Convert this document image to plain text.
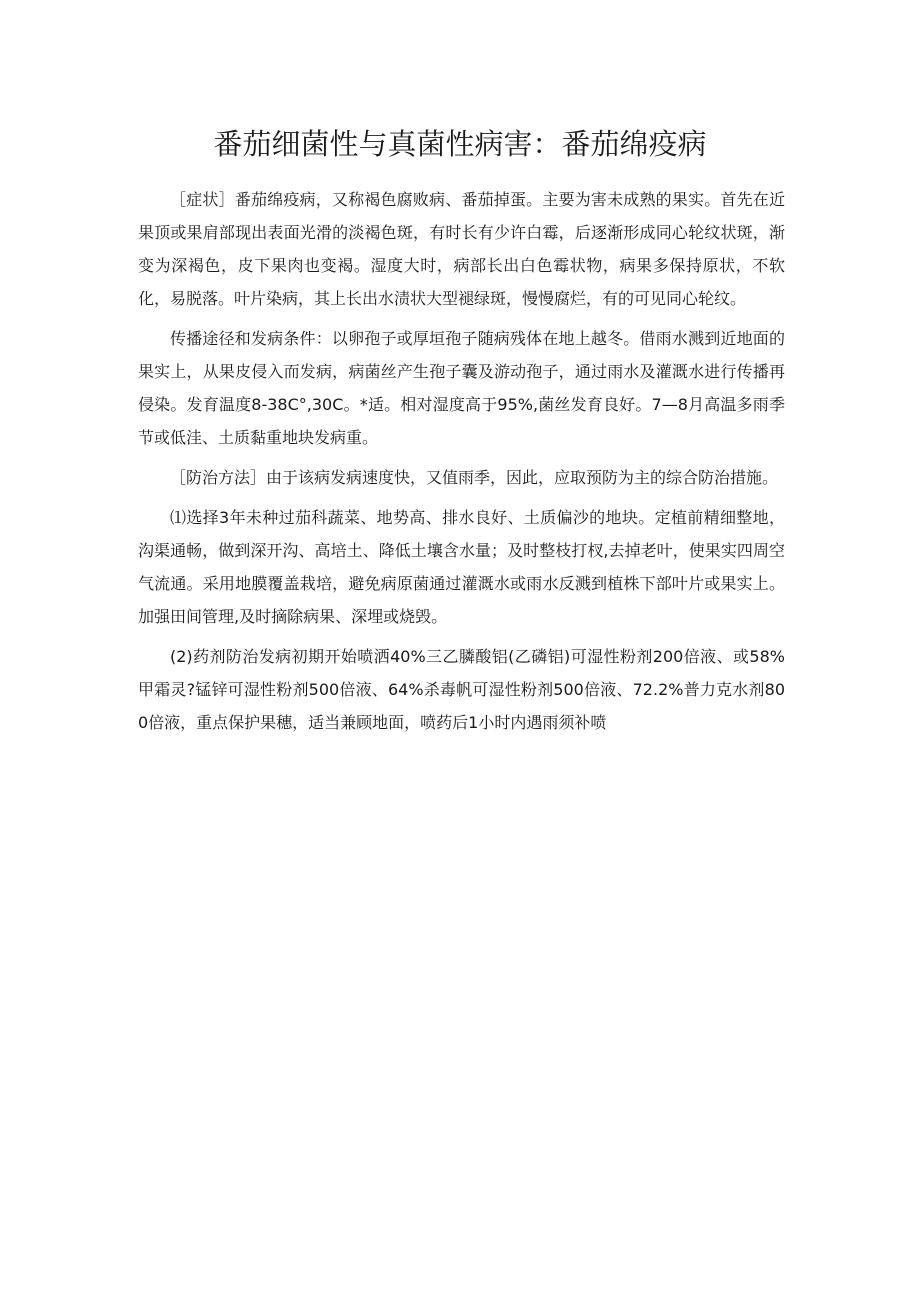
番茄细菌性与真菌性病害：番茄绵疫病

［症状］番茄绵疫病，又称褐色腐败病、番茄掉蛋。主要为害未成熟的果实。首先在近果顶或果肩部现出表面光滑的淡褐色斑，有时长有少许白霉，后逐渐形成同心轮纹状斑，渐变为深褐色，皮下果肉也变褐。湿度大时，病部长出白色霉状物，病果多保持原状，不软化，易脱落。叶片染病，其上长出水渍状大型褪绿斑，慢慢腐烂，有的可见同心轮纹。

传播途径和发病条件：以卵孢子或厚垣孢子随病残体在地上越冬。借雨水溅到近地面的果实上，从果皮侵入而发病，病菌丝产生孢子囊及游动孢子，通过雨水及灌溉水进行传播再侵染。发育温度8-38C°,30C。*适。相对湿度高于95%,菌丝发育良好。7—8月高温多雨季节或低洼、土质黏重地块发病重。

［防治方法］由于该病发病速度快，又值雨季，因此，应取预防为主的综合防治措施。

⑴选择3年未种过茄科蔬菜、地势高、排水良好、土质偏沙的地块。定植前精细整地，沟渠通畅，做到深开沟、高培土、降低土壤含水量；及时整枝打杈,去掉老叶，使果实四周空气流通。采用地膜覆盖栽培，避免病原菌通过灌溉水或雨水反溅到植株下部叶片或果实上。加强田间管理,及时摘除病果、深埋或烧毁。

(2)药剂防治发病初期开始喷洒40%三乙膦酸铝(乙磷铝)可湿性粉剂200倍液、或58%甲霜灵?锰锌可湿性粉剂500倍液、64%杀毒帆可湿性粉剂500倍液、72.2%普力克水剂800倍液，重点保护果穗，适当兼顾地面，喷药后1小时内遇雨须补喷
